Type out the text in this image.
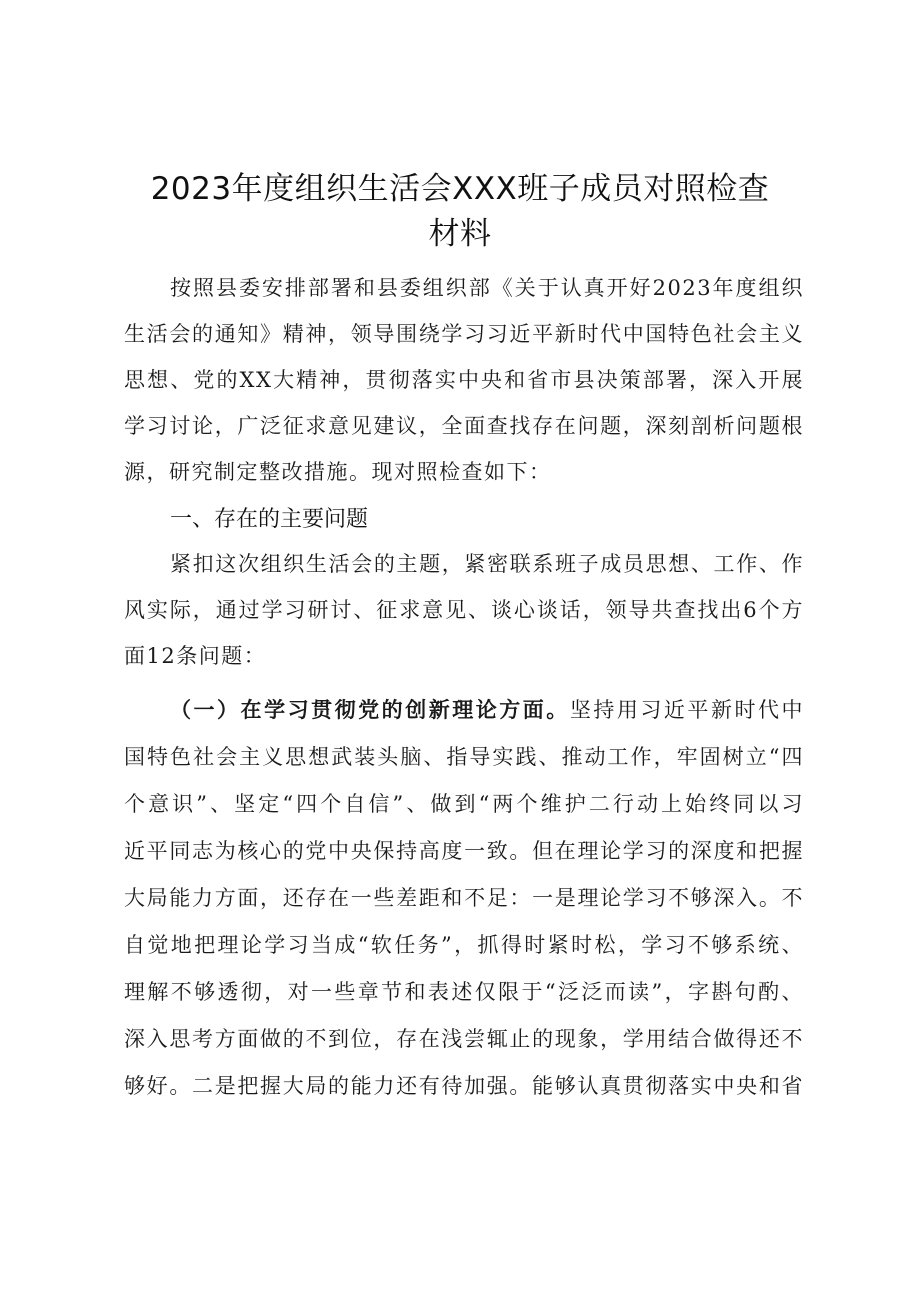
2023年度组织生活会XXX班子成员对照检查
材料
按照县委安排部署和县委组织部《关于认真开好2023年度组织
生活会的通知》精神，领导围绕学习习近平新时代中国特色社会主义
思想、党的XX大精神，贯彻落实中央和省市县决策部署，深入开展
学习讨论，广泛征求意见建议，全面查找存在问题，深刻剖析问题根
源，研究制定整改措施。现对照检查如下：
一、存在的主要问题
紧扣这次组织生活会的主题，紧密联系班子成员思想、工作、作
风实际，通过学习研讨、征求意见、谈心谈话，领导共查找出6个方
面12条问题：
（一）在学习贯彻党的创新理论方面。坚持用习近平新时代中
国特色社会主义思想武装头脑、指导实践、推动工作，牢固树立“四
个意识”、坚定“四个自信”、做到“两个维护二行动上始终同以习
近平同志为核心的党中央保持高度一致。但在理论学习的深度和把握
大局能力方面，还存在一些差距和不足：一是理论学习不够深入。不
自觉地把理论学习当成“软任务”，抓得时紧时松，学习不够系统、
理解不够透彻，对一些章节和表述仅限于“泛泛而读”，字斟句酌、
深入思考方面做的不到位，存在浅尝辄止的现象，学用结合做得还不
够好。二是把握大局的能力还有待加强。能够认真贯彻落实中央和省
